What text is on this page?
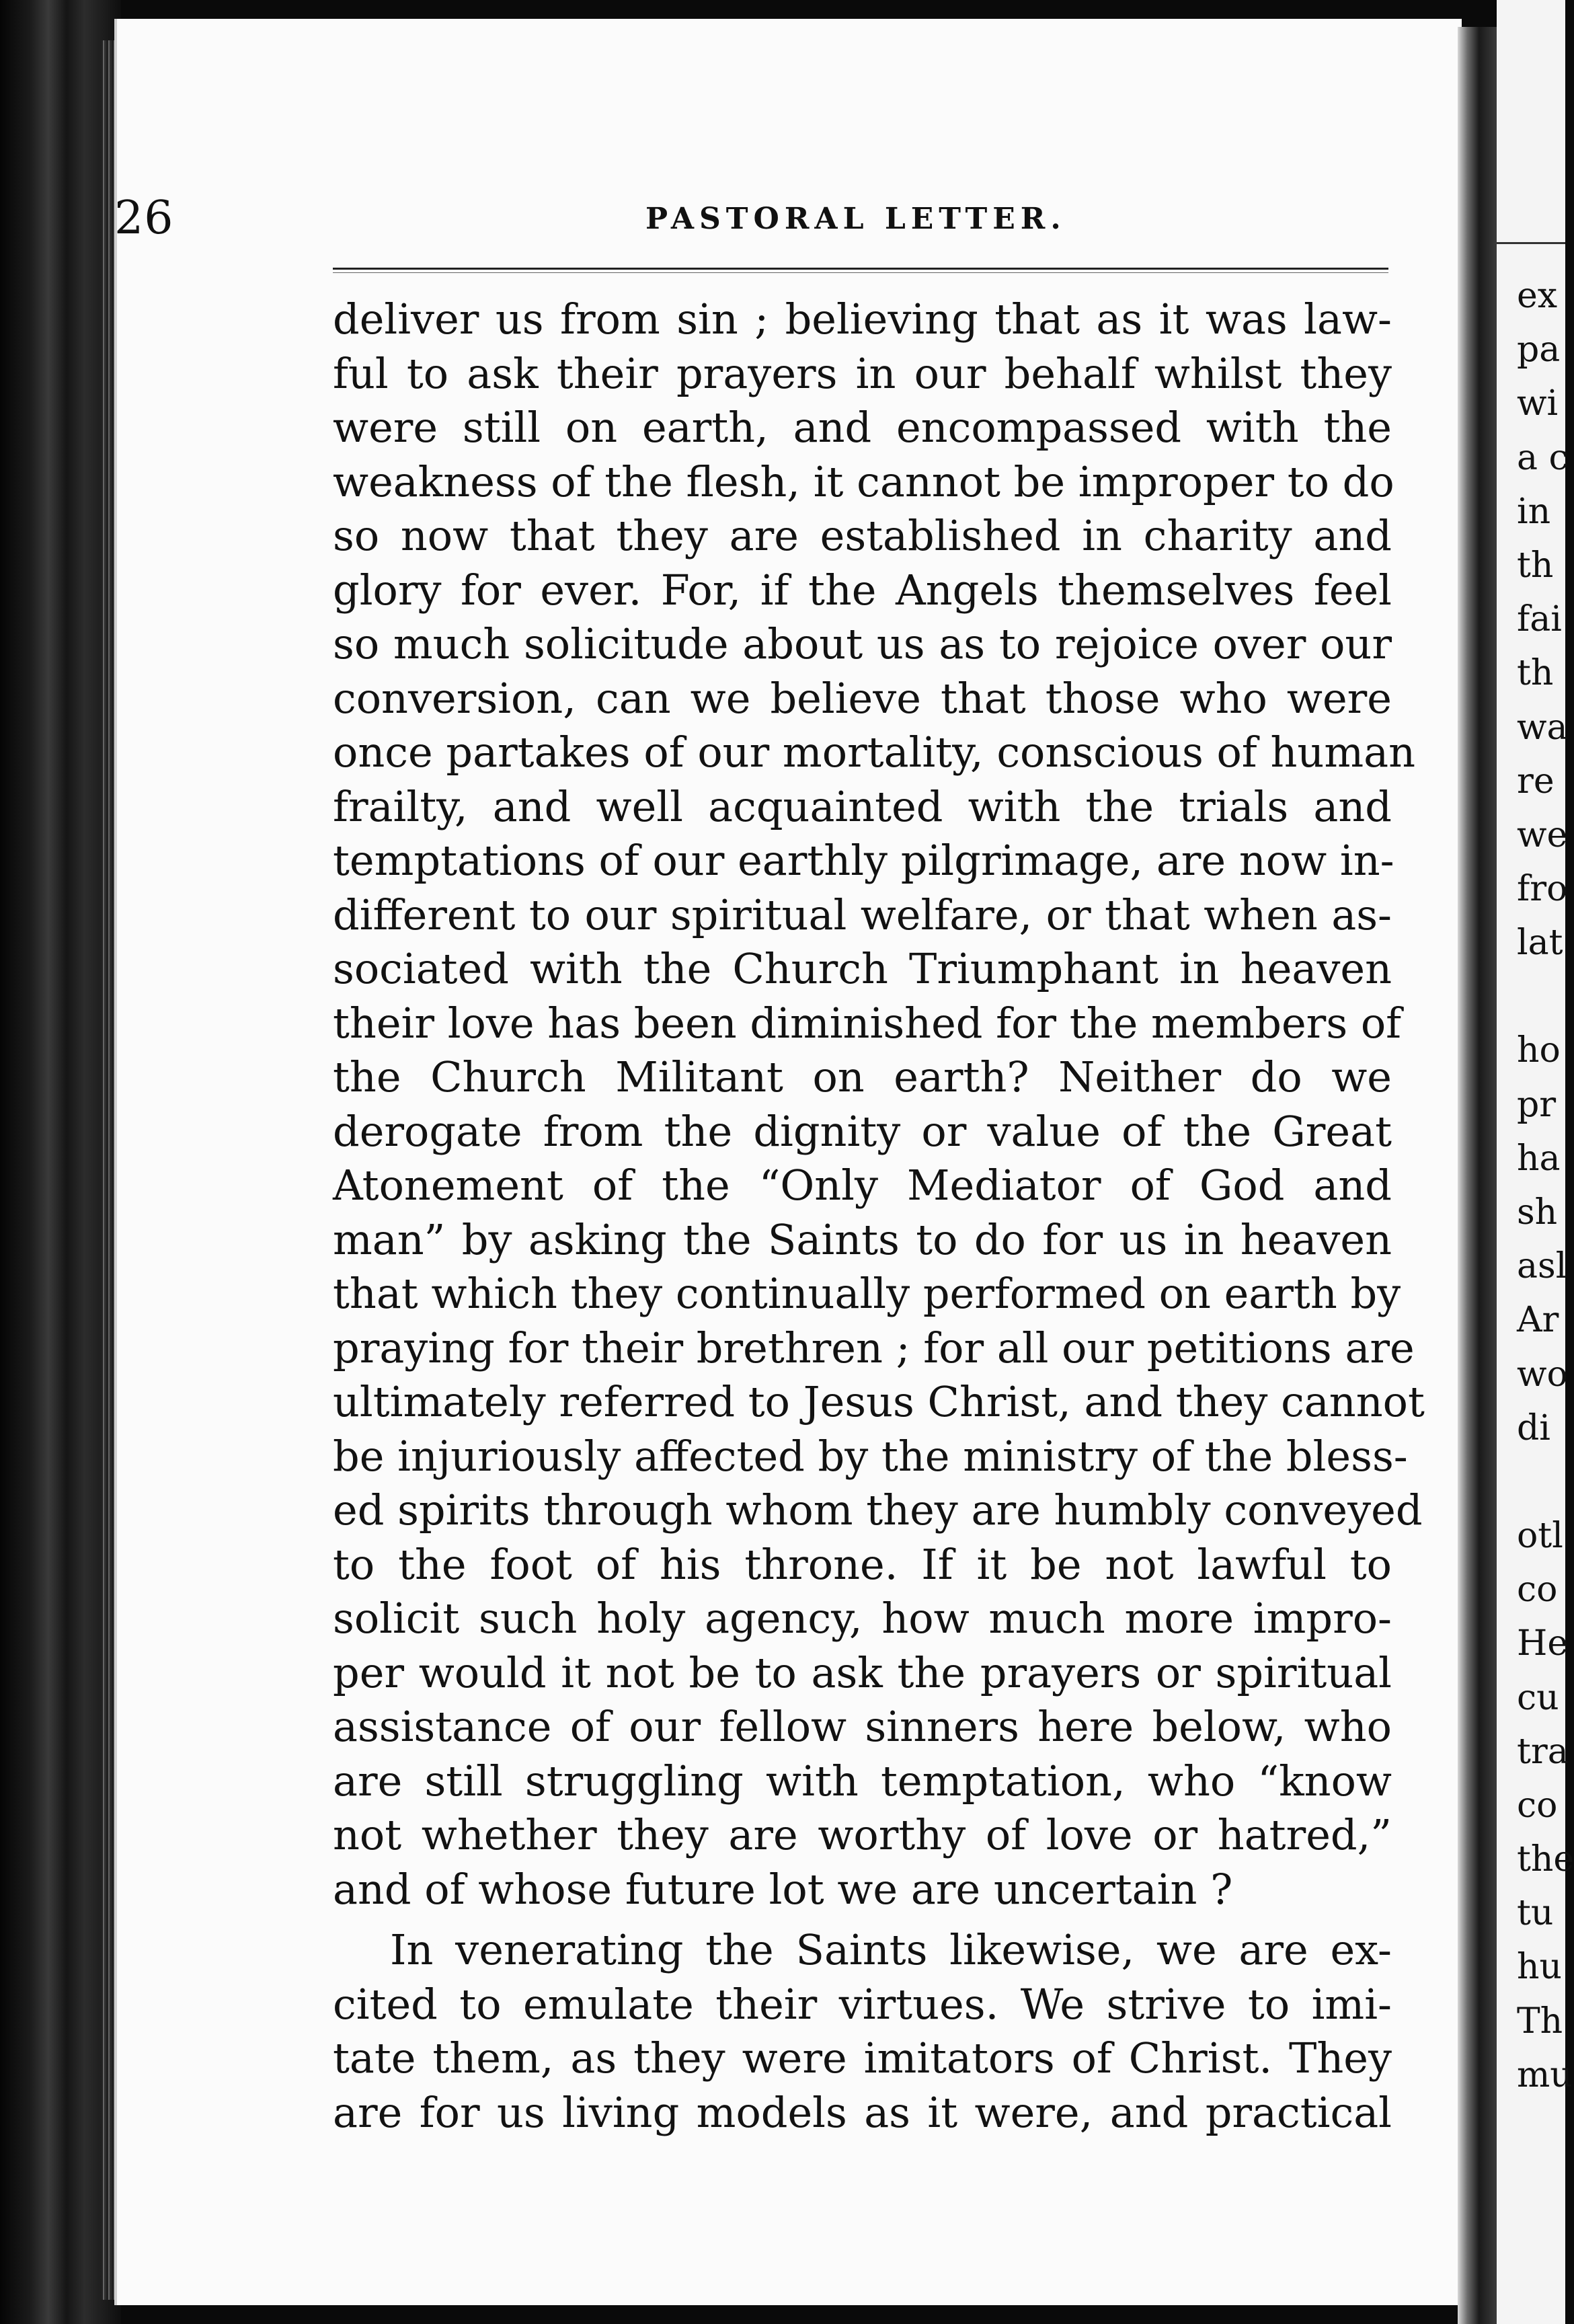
26	PASTORAL LETTER.
deliver us from sin ; believing that as it was law-
ful to ask their prayers in our behalf whilst they
were still on earth, and encompassed with the
weakness of the flesh, it cannot be improper to do
so now that they are established in charity and
glory for ever. For, if the Angels themselves feel
so much solicitude about us as to rejoice over our
conversion, can we believe that those who were
once partakes of our mortality, conscious of human
frailty, and well acquainted with the trials and
temptations of our earthly pilgrimage, are now in-
different to our spiritual welfare, or that when as-
sociated with the Church Triumphant in heaven
their love has been diminished for the members of
the Church Militant on earth? Neither do we
derogate from the dignity or value of the Great
Atonement of the “Only Mediator of God and
man” by asking the Saints to do for us in heaven
that which they continually performed on earth by
praying for their brethren ; for all our petitions are
ultimately referred to Jesus Christ, and they cannot
be injuriously affected by the ministry of the bless-
ed spirits through whom they are humbly conveyed
to the foot of his throne. If it be not lawful to
solicit such holy agency, how much more impro-
per would it not be to ask the prayers or spiritual
assistance of our fellow sinners here below, who
are still struggling with temptation, who “know
not whether they are worthy of love or hatred,”
and of whose future lot we are uncertain ?
In venerating the Saints likewise, we are ex-
cited to emulate their virtues. We strive to imi-
tate them, as they were imitators of Christ. They
are for us living models as it were, and practical
ex
pa
wi
a c
in
th
fai
th
wa
re
we
fro
lat
ho
pr
ha
sh
asl
Ar
wo
di
otl
co
He
cu
tra
co
the
tu
hu
Th
mu
